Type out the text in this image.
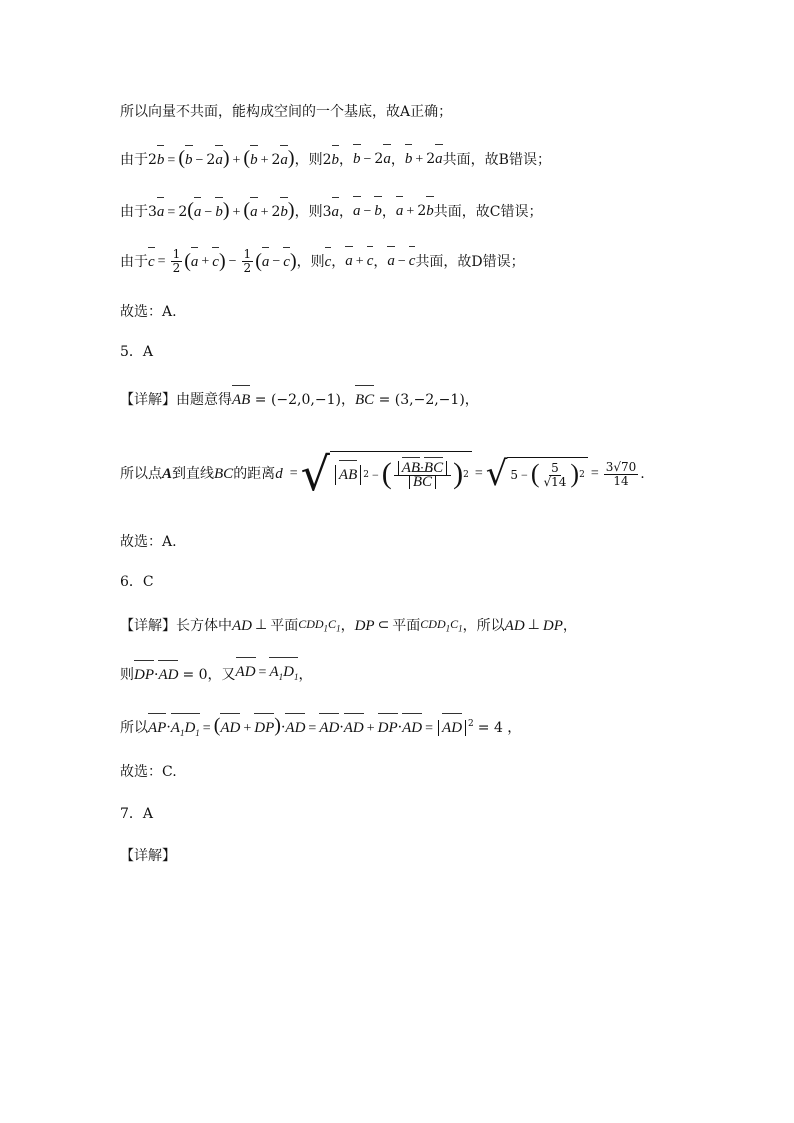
所以向量不共面，能构成空间的一个基底，故A正确；
由于 2b = (b − 2a) + (b + 2a) ，则 2b ， b − 2a ， b + 2a 共面，故B错误；
由于 3a = 2(a − b) + (a + 2b) ，则 3a ， a − b ， a + 2b 共面，故C错误；
由于 $c = \frac{1}{2}$ ( a + c ) − $\frac{1}{2}$ ( a − c ) ，则 c ， a + c ， a − c 共面，故D错误；
故选：A.
5．A
【详解】 由题意得 AB = (−2,0,−1) ， BC = (3,−2,−1) ，
所以点 A 到直线 BC 的距离 d = √ AB 2 − ( $\frac{AB\cdot BC}{BC}$ ) 2 = √ 5 − ( $\frac{5}{√14}$ ) $2 = \frac{3√70}{14}$ .
故选：A.
6．C
【详解】 长方体中 AD ⊥ 平面 $CDD_1C_1$ ， DP ⊂ 平面 $CDD_1C_1$ ，所以 AD ⊥ DP ，
则 DP·AD = 0，又 AD = $A_1D_1$ ，
所以 $AP\cdot A_1D_1 = (AD + DP)\cdot AD = AD\cdot AD + DP\cdot AD$ = AD $^2$ = 4 ，
故选：C.
7．A
【详解】
